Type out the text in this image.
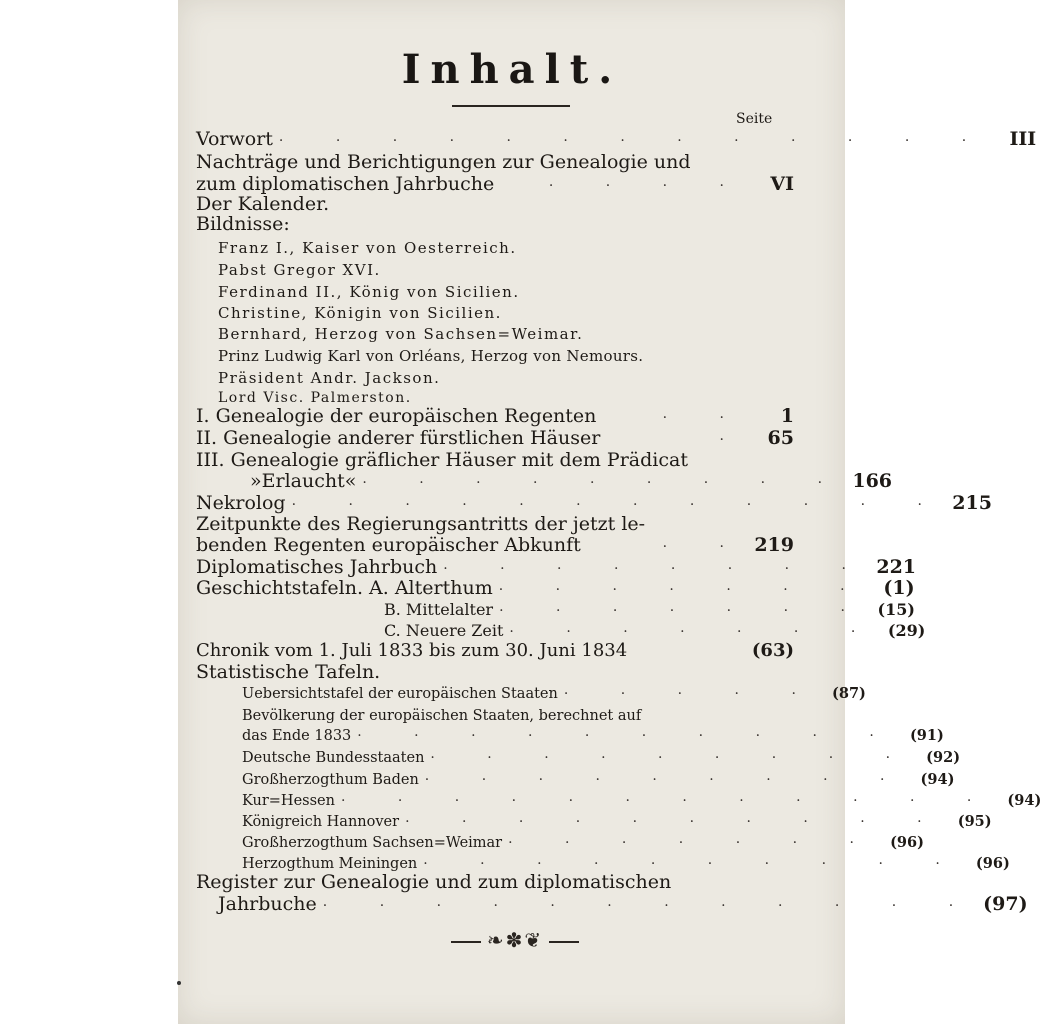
Inhalt.
Seite
Vorwort · · · · · · · · · · · · ·	III
Nachträge und Berichtigungen zur Genealogie und
zum diplomatischen Jahrbuche	· · · ·	VI
Der Kalender.
Bildnisse:
Franz I., Kaiser von Oesterreich.
Pabst Gregor XVI.
Ferdinand II., König von Sicilien.
Christine, Königin von Sicilien.
Bernhard, Herzog von Sachsen=Weimar.
Prinz Ludwig Karl von Orléans, Herzog von Nemours.
Präsident Andr. Jackson.
Lord Visc. Palmerston.
I. Genealogie der europäischen Regenten	· ·	1
II. Genealogie anderer fürstlichen Häuser	·	65
III. Genealogie gräflicher Häuser mit dem Prädicat
»Erlaucht« · · · · · · · · · 166
Nekrolog · · · · · · · · · · · · 215
Zeitpunkte des Regierungsantritts der jetzt le-
benden Regenten europäischer Abkunft	· · 219
Diplomatisches Jahrbuch · · · · · · · · 221
Geschichtstafeln. A. Alterthum · · · · · · · (1)
B. Mittelalter · · · · · · · (15)
C. Neuere Zeit · · · · · · · (29)
Chronik vom 1. Juli 1833 bis zum 30. Juni 1834	(63)
Statistische Tafeln.
Uebersichtstafel der europäischen Staaten · · · · · (87)
Bevölkerung der europäischen Staaten, berechnet auf
das Ende 1833 · · · · · · · · · · (91)
Deutsche Bundesstaaten · · · · · · · · · (92)
Großherzogthum Baden · · · · · · · · · (94)
Kur=Hessen · · · · · · · · · · · · (94)
Königreich Hannover · · · · · · · · · · (95)
Großherzogthum Sachsen=Weimar · · · · · · · (96)
Herzogthum Meiningen · · · · · · · · · · (96)
Register zur Genealogie und zum diplomatischen
Jahrbuche · · · · · · · · · · · · (97)
❧✽❦
